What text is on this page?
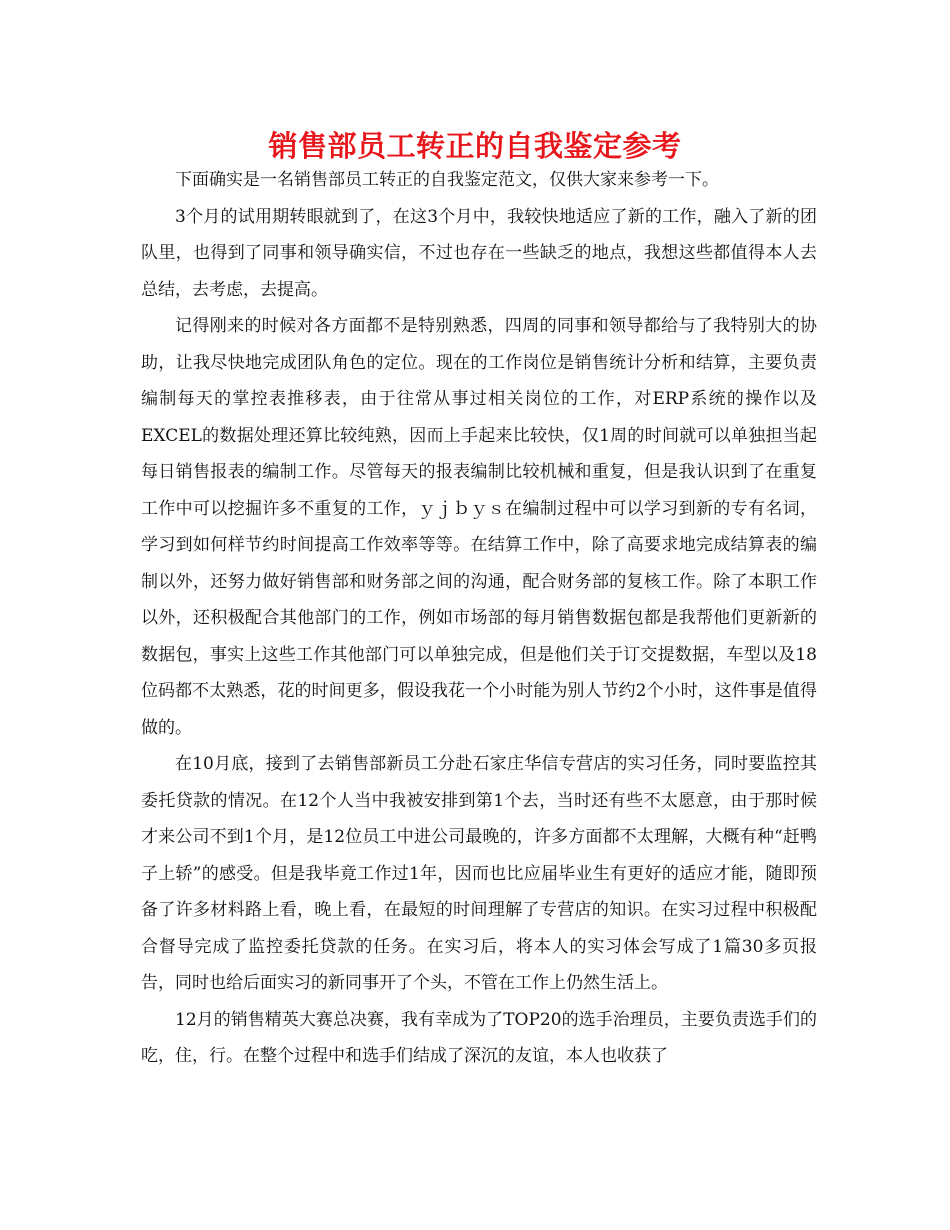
销售部员工转正的自我鉴定参考

下面确实是一名销售部员工转正的自我鉴定范文，仅供大家来参考一下。

3个月的试用期转眼就到了，在这3个月中，我较快地适应了新的工作，融入了新的团队里，也得到了同事和领导确实信，不过也存在一些缺乏的地点，我想这些都值得本人去总结，去考虑，去提高。

记得刚来的时候对各方面都不是特别熟悉，四周的同事和领导都给与了我特别大的协助，让我尽快地完成团队角色的定位。现在的工作岗位是销售统计分析和结算，主要负责编制每天的掌控表推移表，由于往常从事过相关岗位的工作，对ERP系统的操作以及EXCEL的数据处理还算比较纯熟，因而上手起来比较快，仅1周的时间就可以单独担当起每日销售报表的编制工作。尽管每天的报表编制比较机械和重复，但是我认识到了在重复工作中可以挖掘许多不重复的工作，ｙｊｂｙｓ在编制过程中可以学习到新的专有名词，学习到如何样节约时间提高工作效率等等。在结算工作中，除了高要求地完成结算表的编制以外，还努力做好销售部和财务部之间的沟通，配合财务部的复核工作。除了本职工作以外，还积极配合其他部门的工作，例如市场部的每月销售数据包都是我帮他们更新新的数据包，事实上这些工作其他部门可以单独完成，但是他们关于订交提数据，车型以及18位码都不太熟悉，花的时间更多，假设我花一个小时能为别人节约2个小时，这件事是值得做的。

在10月底，接到了去销售部新员工分赴石家庄华信专营店的实习任务，同时要监控其委托贷款的情况。在12个人当中我被安排到第1个去，当时还有些不太愿意，由于那时候才来公司不到1个月，是12位员工中进公司最晚的，许多方面都不太理解，大概有种“赶鸭子上轿”的感受。但是我毕竟工作过1年，因而也比应届毕业生有更好的适应才能，随即预备了许多材料路上看，晚上看，在最短的时间理解了专营店的知识。在实习过程中积极配合督导完成了监控委托贷款的任务。在实习后，将本人的实习体会写成了1篇30多页报告，同时也给后面实习的新同事开了个头，不管在工作上仍然生活上。

12月的销售精英大赛总决赛，我有幸成为了TOP20的选手治理员，主要负责选手们的吃，住，行。在整个过程中和选手们结成了深沉的友谊，本人也收获了
